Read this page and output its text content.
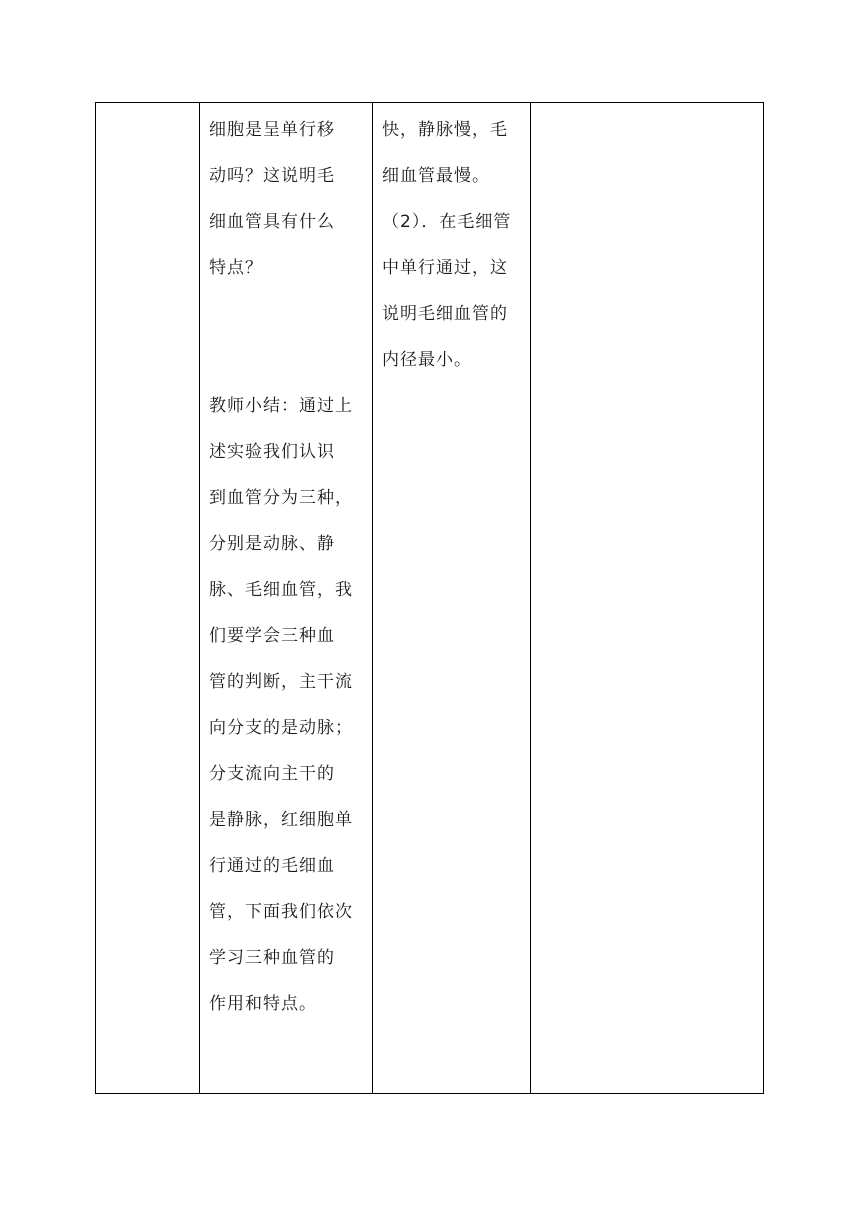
细胞是呈单行移
动吗？这说明毛
细血管具有什么
特点？
教师小结：通过上
述实验我们认识
到血管分为三种，
分别是动脉、静
脉、毛细血管，我
们要学会三种血
管的判断，主干流
向分支的是动脉；
分支流向主干的
是静脉，红细胞单
行通过的毛细血
管，下面我们依次
学习三种血管的
作用和特点。
快，静脉慢，毛
细血管最慢。
（2）．在毛细管
中单行通过，这
说明毛细血管的
内径最小。
